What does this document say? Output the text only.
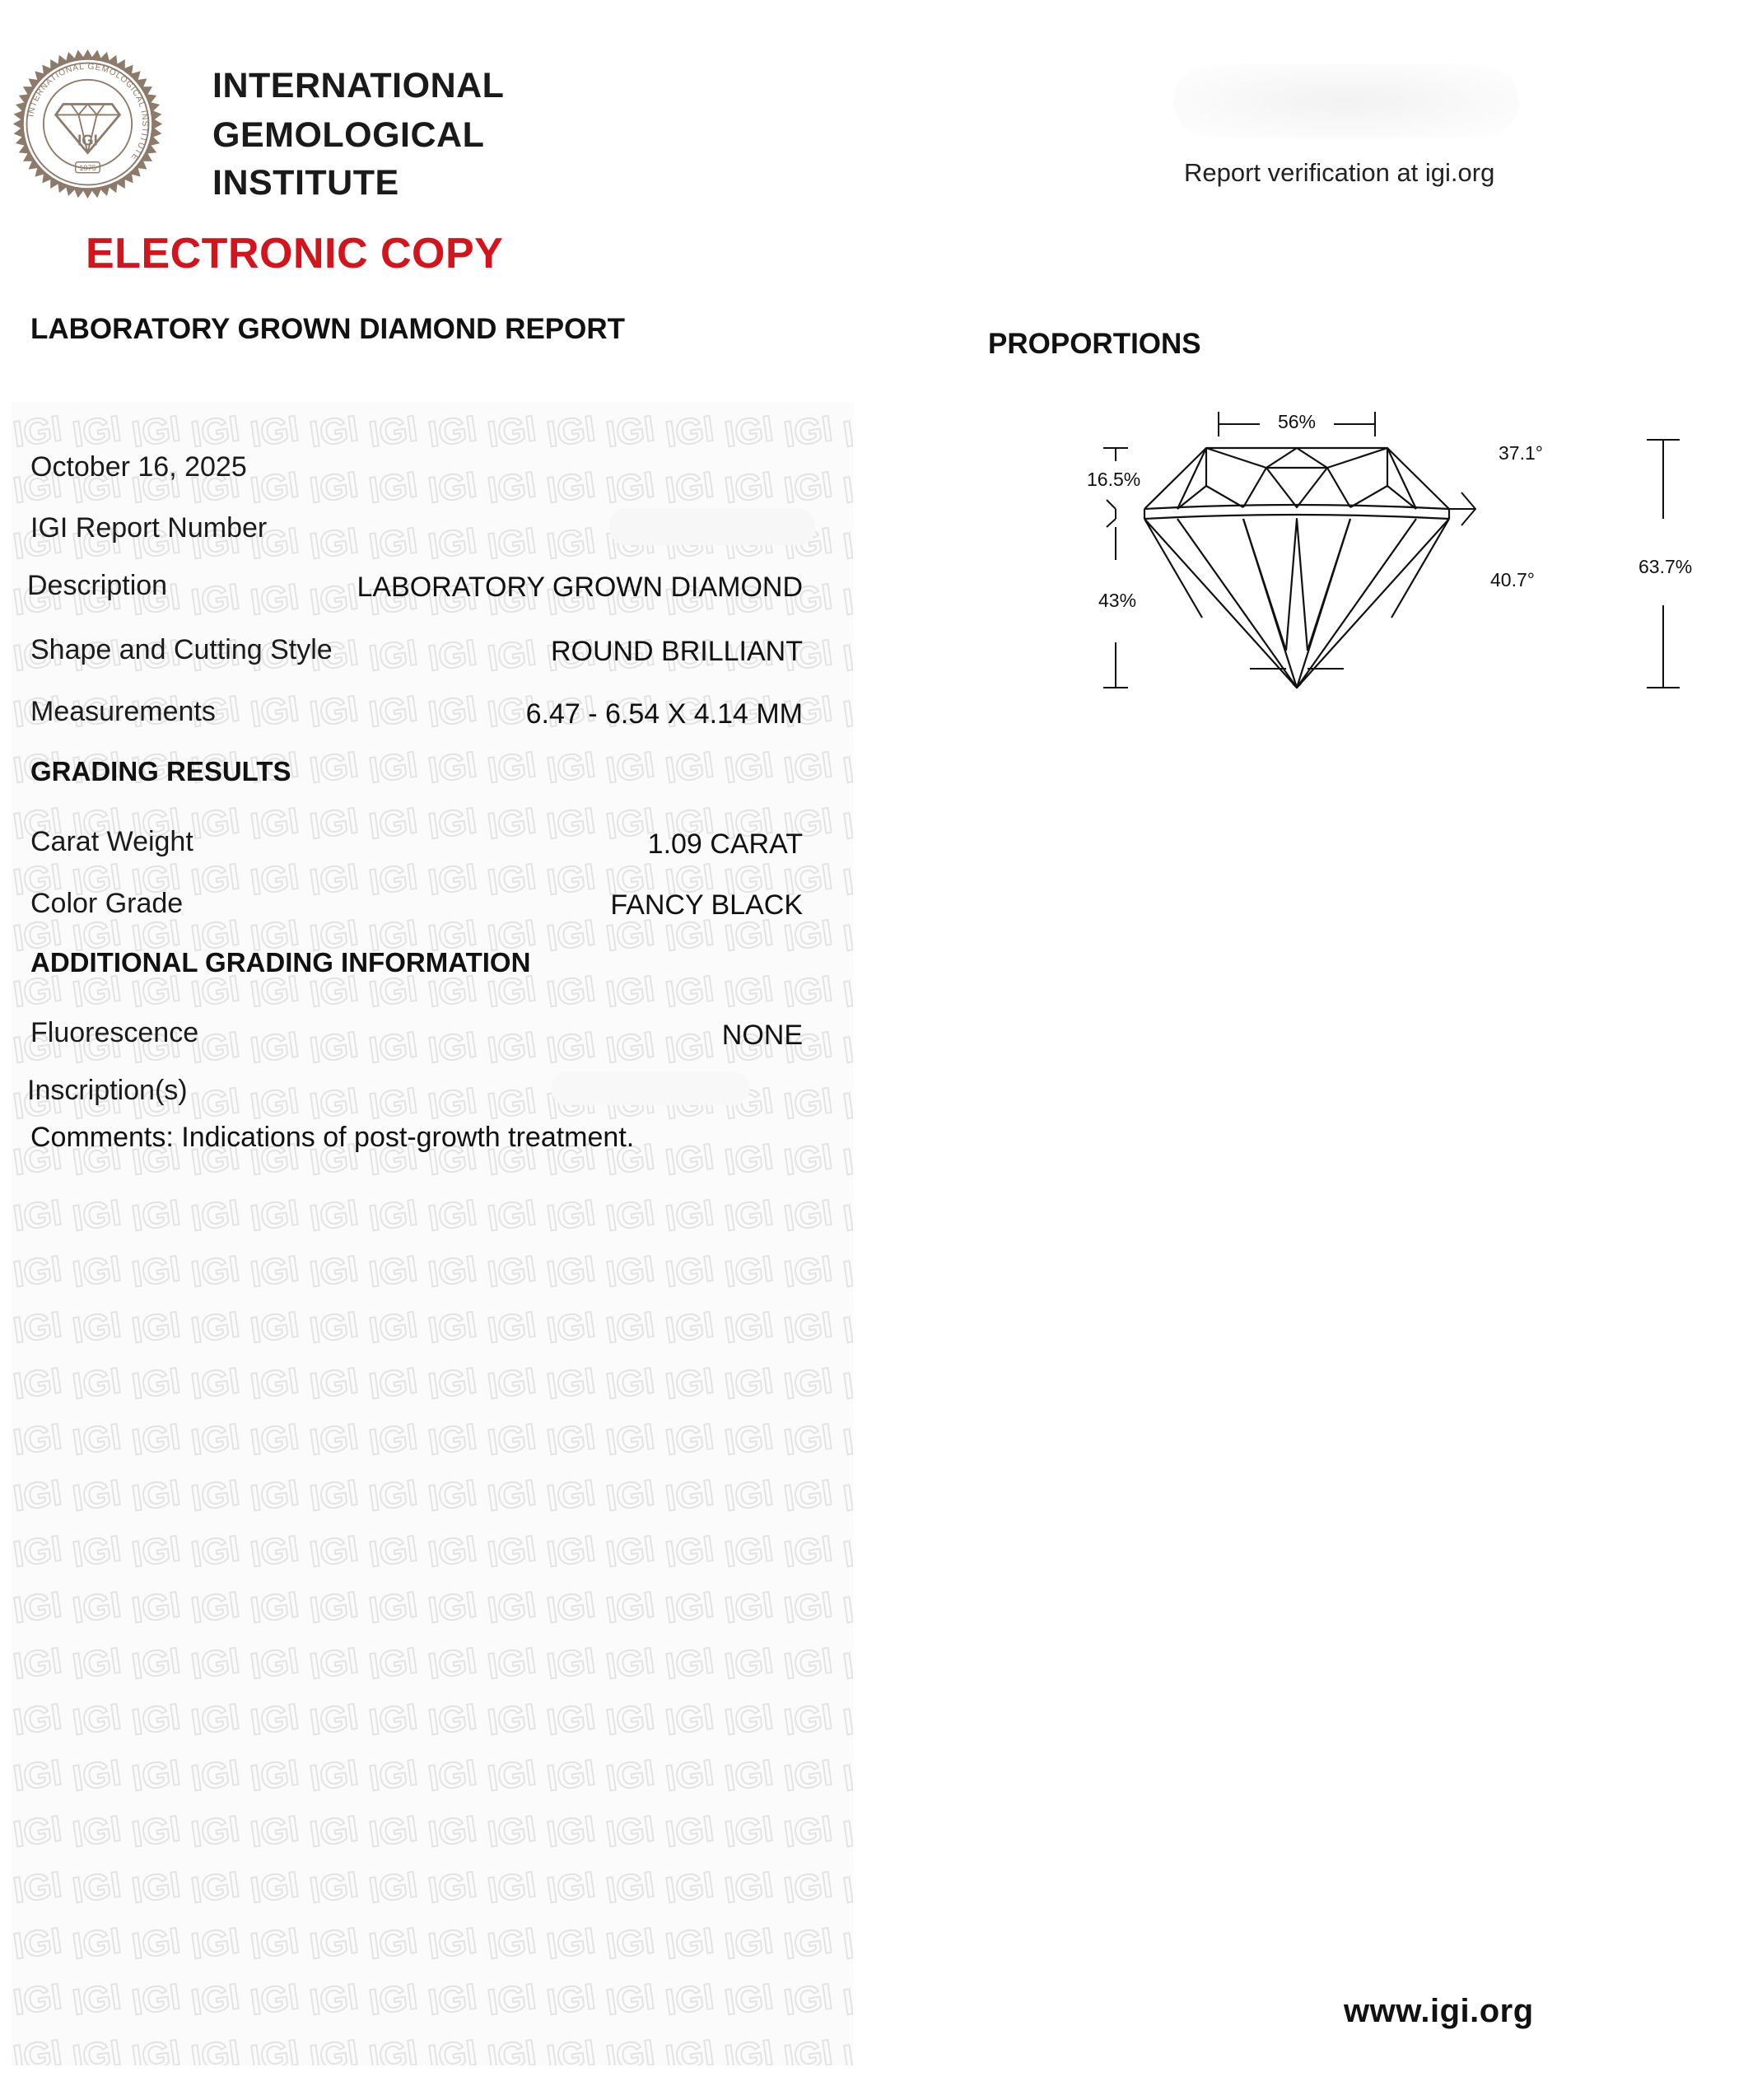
INTERNATIONAL GEMOLOGICAL INSTITUTE
IGI
1975
INTERNATIONAL
GEMOLOGICAL
INSTITUTE
ELECTRONIC COPY
Report verification at igi.org
LABORATORY GROWN DIAMOND REPORT	PROPORTIONS
October 16, 2025
IGI Report Number
Description	LABORATORY GROWN DIAMOND
Shape and Cutting Style	ROUND BRILLIANT
Measurements	6.47 - 6.54 X 4.14 MM
GRADING RESULTS
Carat Weight	1.09 CARAT
Color Grade	FANCY BLACK
ADDITIONAL GRADING INFORMATION
Fluorescence	NONE
Inscription(s)
Comments: Indications of post-growth treatment.
56%
16.5%
43%
37.1°
40.7°
63.7%
www.igi.org
